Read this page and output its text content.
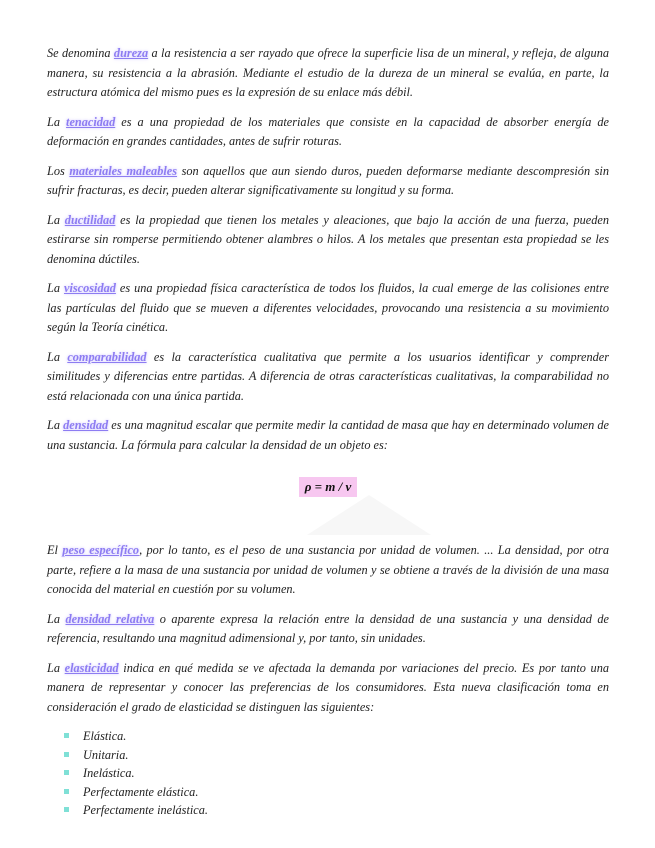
Se denomina dureza a la resistencia a ser rayado que ofrece la superficie lisa de un mineral, y refleja, de alguna manera, su resistencia a la abrasión. Mediante el estudio de la dureza de un mineral se evalúa, en parte, la estructura atómica del mismo pues es la expresión de su enlace más débil.

La tenacidad es a una propiedad de los materiales que consiste en la capacidad de absorber energía de deformación en grandes cantidades, antes de sufrir roturas.

Los materiales maleables son aquellos que aun siendo duros, pueden deformarse mediante descompresión sin sufrir fracturas, es decir, pueden alterar significativamente su longitud y su forma.

La ductilidad es la propiedad que tienen los metales y aleaciones, que bajo la acción de una fuerza, pueden estirarse sin romperse permitiendo obtener alambres o hilos. A los metales que presentan esta propiedad se les denomina dúctiles.

La viscosidad es una propiedad física característica de todos los fluidos, la cual emerge de las colisiones entre las partículas del fluido que se mueven a diferentes velocidades, provocando una resistencia a su movimiento según la Teoría cinética.

La comparabilidad es la característica cualitativa que permite a los usuarios identificar y comprender similitudes y diferencias entre partidas. A diferencia de otras características cualitativas, la comparabilidad no está relacionada con una única partida.

La densidad es una magnitud escalar que permite medir la cantidad de masa que hay en determinado volumen de una sustancia. La fórmula para calcular la densidad de un objeto es:

ρ = m / v

El peso específico, por lo tanto, es el peso de una sustancia por unidad de volumen. ... La densidad, por otra parte, refiere a la masa de una sustancia por unidad de volumen y se obtiene a través de la división de una masa conocida del material en cuestión por su volumen.

La densidad relativa o aparente expresa la relación entre la densidad de una sustancia y una densidad de referencia, resultando una magnitud adimensional y, por tanto, sin unidades.

La elasticidad indica en qué medida se ve afectada la demanda por variaciones del precio. Es por tanto una manera de representar y conocer las preferencias de los consumidores. Esta nueva clasificación toma en consideración el grado de elasticidad se distinguen las siguientes:

Elástica.
Unitaria.
Inelástica.
Perfectamente elástica.
Perfectamente inelástica.
